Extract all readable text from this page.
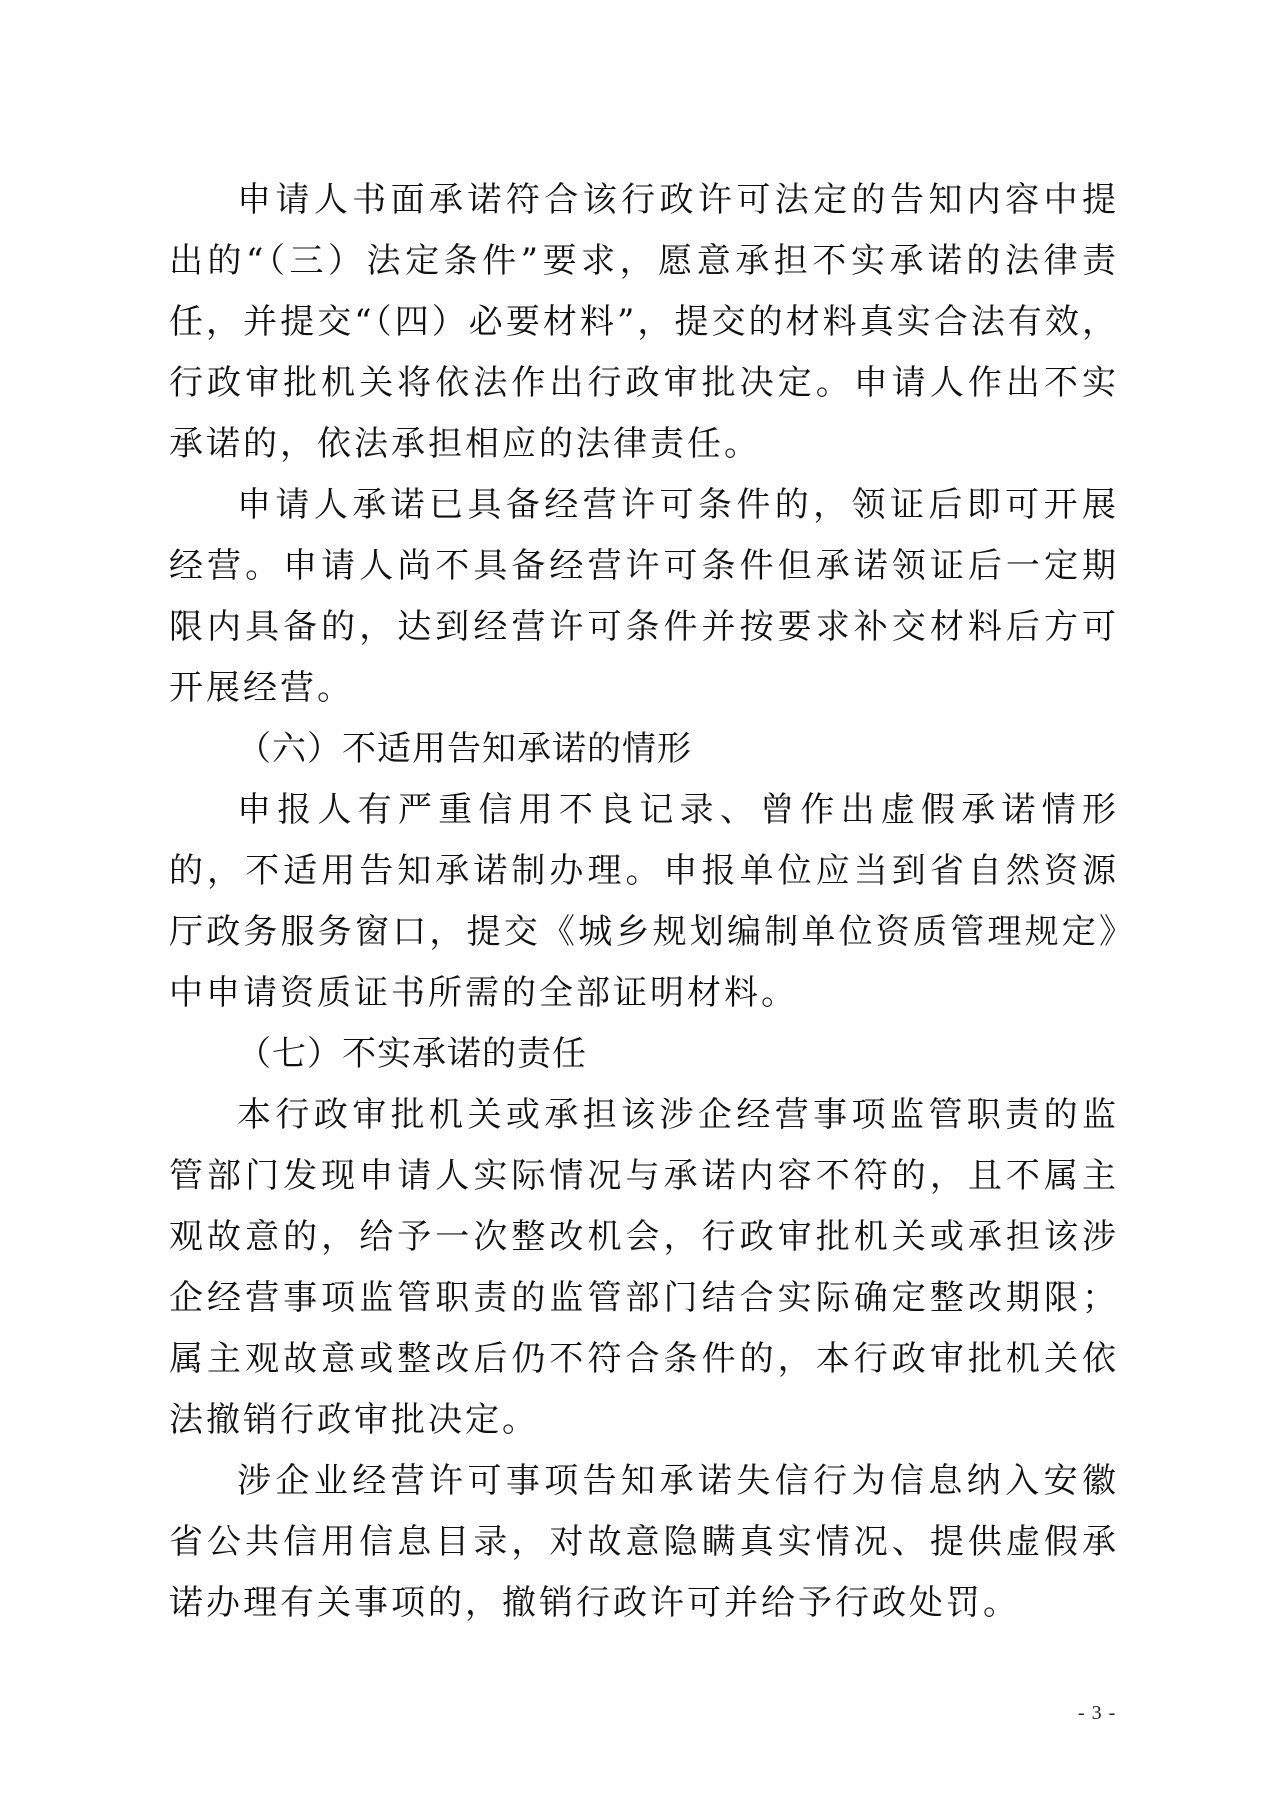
申请人书面承诺符合该行政许可法定的告知内容中提出的“（三）法定条件”要求，愿意承担不实承诺的法律责任，并提交“（四）必要材料”，提交的材料真实合法有效，行政审批机关将依法作出行政审批决定。申请人作出不实承诺的，依法承担相应的法律责任。

申请人承诺已具备经营许可条件的，领证后即可开展经营。申请人尚不具备经营许可条件但承诺领证后一定期限内具备的，达到经营许可条件并按要求补交材料后方可开展经营。

（六）不适用告知承诺的情形

申报人有严重信用不良记录、曾作出虚假承诺情形的，不适用告知承诺制办理。申报单位应当到省自然资源厅政务服务窗口，提交《城乡规划编制单位资质管理规定》中申请资质证书所需的全部证明材料。

（七）不实承诺的责任

本行政审批机关或承担该涉企经营事项监管职责的监管部门发现申请人实际情况与承诺内容不符的，且不属主观故意的，给予一次整改机会，行政审批机关或承担该涉企经营事项监管职责的监管部门结合实际确定整改期限；属主观故意或整改后仍不符合条件的，本行政审批机关依法撤销行政审批决定。

涉企业经营许可事项告知承诺失信行为信息纳入安徽省公共信用信息目录，对故意隐瞒真实情况、提供虚假承诺办理有关事项的，撤销行政许可并给予行政处罚。

- 3 -
